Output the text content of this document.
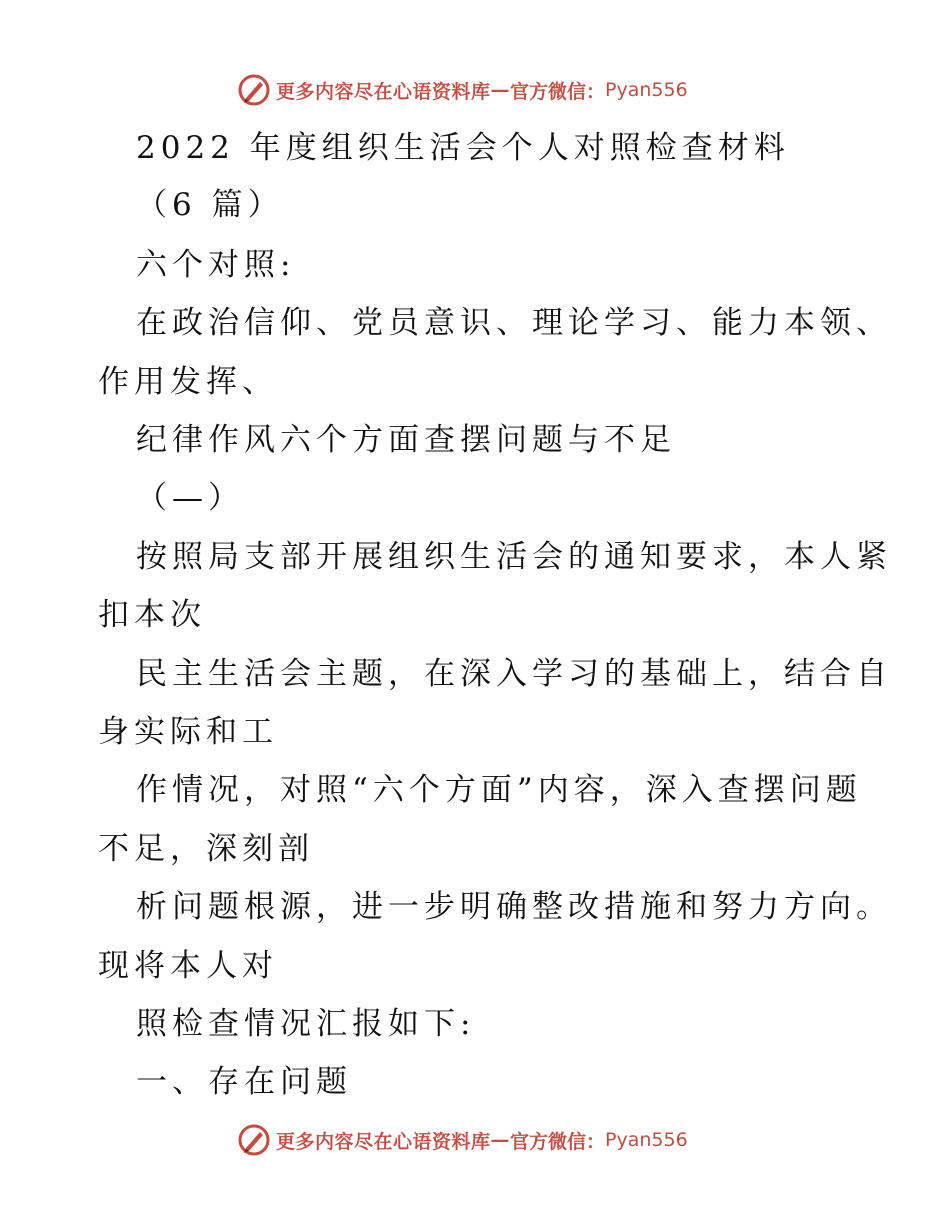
更多内容尽在心语资料库 — 官方微信： Pyan556
2022 年度组织生活会个人对照检查材料
（6 篇）
六个对照:
在政治信仰、党员意识、理论学习、能力本领、
作用发挥、
纪律作风六个方面查摆问题与不足
（—）
按照局支部开展组织生活会的通知要求，本人紧
扣本次
民主生活会主题，在深入学习的基础上，结合自
身实际和工
作情况，对照“六个方面”内容，深入查摆问题
不足，深刻剖
析问题根源，进一步明确整改措施和努力方向。
现将本人对
照检查情况汇报如下:
一、存在问题
更多内容尽在心语资料库 — 官方微信： Pyan556
